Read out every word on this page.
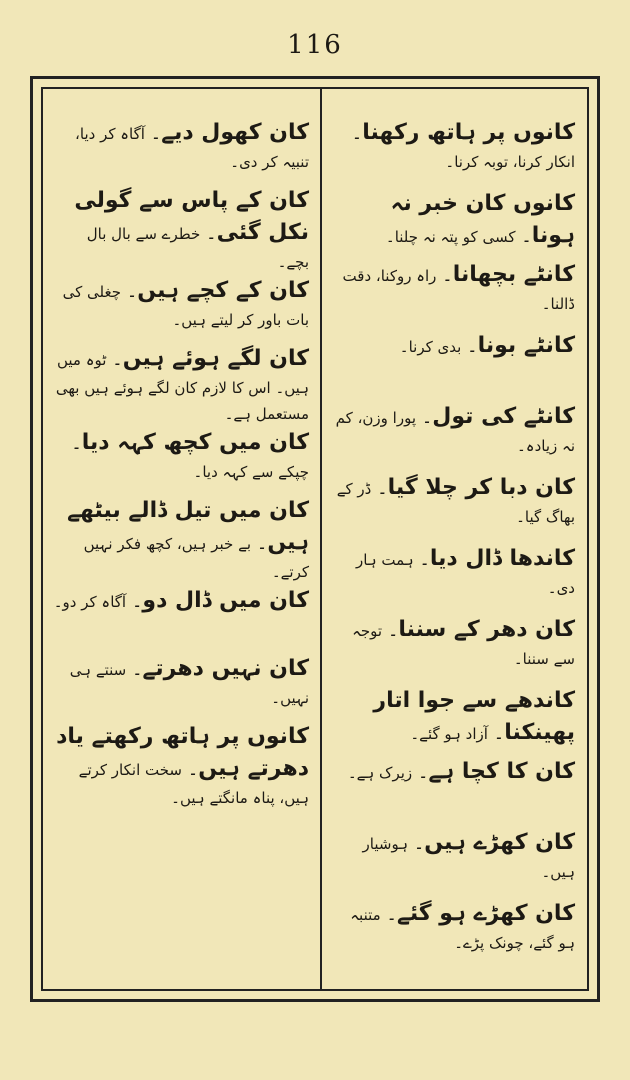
116
کانوں پر ہاتھ رکھنا۔ انکار کرنا، توبہ کرنا۔
کانوں کان خبر نہ ہونا۔ کسی کو پتہ نہ چلنا۔
کانٹے بچھانا۔ راہ روکنا، دقت ڈالنا۔
کانٹے بونا۔ بدی کرنا۔
کانٹے کی تول۔ پورا وزن، کم نہ زیادہ۔
کان دبا کر چلا گیا۔ ڈر کے بھاگ گیا۔
کاندھا ڈال دیا۔ ہمت ہار دی۔
کان دھر کے سننا۔ توجہ سے سننا۔
کاندھے سے جوا اتار پھینکنا۔ آزاد ہو گئے۔
کان کا کچا ہے۔ زیرک ہے۔
کان کھڑے ہیں۔ ہوشیار ہیں۔
کان کھڑے ہو گئے۔ متنبہ ہو گئے، چونک پڑے۔
کان کھول دیے۔ آگاہ کر دیا، تنبیہ کر دی۔
کان کے پاس سے گولی نکل گئی۔ خطرے سے بال بال بچے۔
کان کے کچے ہیں۔ چغلی کی بات باور کر لیتے ہیں۔
کان لگے ہوئے ہیں۔ ٹوہ میں ہیں۔ اس کا لازم کان لگے ہوئے ہیں بھی مستعمل ہے۔
کان میں کچھ کہہ دیا۔ چپکے سے کہہ دیا۔
کان میں تیل ڈالے بیٹھے ہیں۔ بے خبر ہیں، کچھ فکر نہیں کرتے۔
کان میں ڈال دو۔ آگاہ کر دو۔
کان نہیں دھرتے۔ سنتے ہی نہیں۔
کانوں پر ہاتھ رکھتے یاد دھرتے ہیں۔ سخت انکار کرتے ہیں، پناہ مانگتے ہیں۔
